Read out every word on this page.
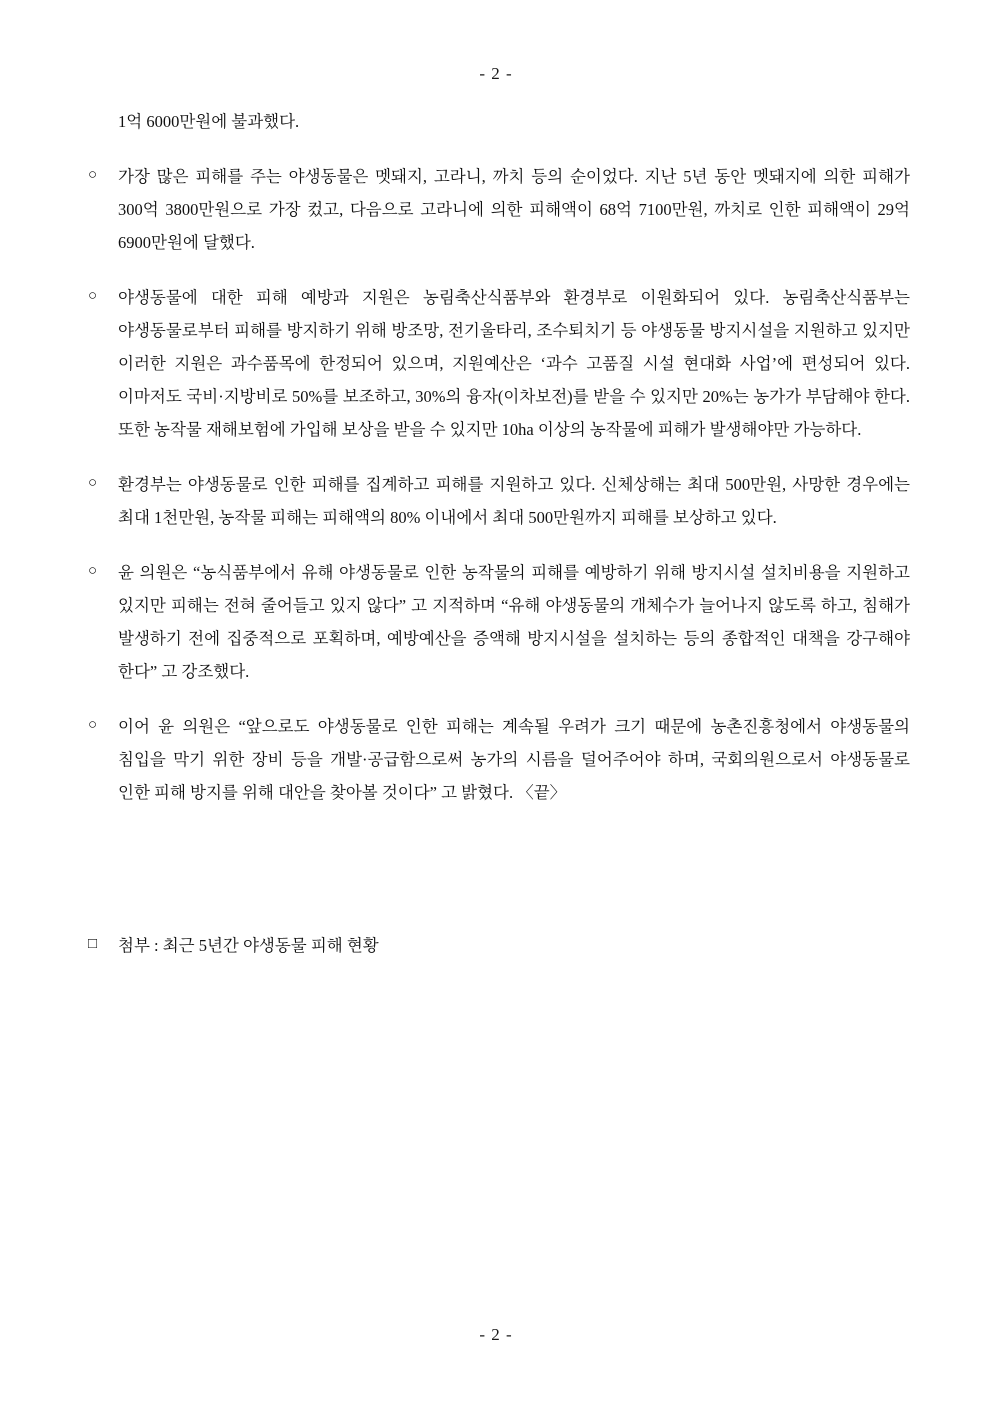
- 2 -
1억 6000만원에 불과했다.
○ 가장 많은 피해를 주는 야생동물은 멧돼지, 고라니, 까치 등의 순이었다. 지난 5년 동안 멧돼지에 의한 피해가 300억 3800만원으로 가장 컸고, 다음으로 고라니에 의한 피해액이 68억 7100만원, 까치로 인한 피해액이 29억 6900만원에 달했다.
○ 야생동물에 대한 피해 예방과 지원은 농림축산식품부와 환경부로 이원화되어 있다. 농림축산식품부는 야생동물로부터 피해를 방지하기 위해 방조망, 전기울타리, 조수퇴치기 등 야생동물 방지시설을 지원하고 있지만 이러한 지원은 과수품목에 한정되어 있으며, 지원예산은 ‘과수 고품질 시설 현대화 사업’에 편성되어 있다. 이마저도 국비·지방비로 50%를 보조하고, 30%의 융자(이차보전)를 받을 수 있지만 20%는 농가가 부담해야 한다. 또한 농작물 재해보험에 가입해 보상을 받을 수 있지만 10ha 이상의 농작물에 피해가 발생해야만 가능하다.
○ 환경부는 야생동물로 인한 피해를 집계하고 피해를 지원하고 있다. 신체상해는 최대 500만원, 사망한 경우에는 최대 1천만원, 농작물 피해는 피해액의 80% 이내에서 최대 500만원까지 피해를 보상하고 있다.
○ 윤 의원은 “농식품부에서 유해 야생동물로 인한 농작물의 피해를 예방하기 위해 방지시설 설치비용을 지원하고 있지만 피해는 전혀 줄어들고 있지 않다” 고 지적하며 “유해 야생동물의 개체수가 늘어나지 않도록 하고, 침해가 발생하기 전에 집중적으로 포획하며, 예방예산을 증액해 방지시설을 설치하는 등의 종합적인 대책을 강구해야 한다” 고 강조했다.
○ 이어 윤 의원은 “앞으로도 야생동물로 인한 피해는 계속될 우려가 크기 때문에 농촌진흥청에서 야생동물의 침입을 막기 위한 장비 등을 개발·공급함으로써 농가의 시름을 덜어주어야 하며, 국회의원으로서 야생동물로 인한 피해 방지를 위해 대안을 찾아볼 것이다” 고 밝혔다. 〈끝〉
□ 첨부 : 최근 5년간 야생동물 피해 현황
- 2 -
